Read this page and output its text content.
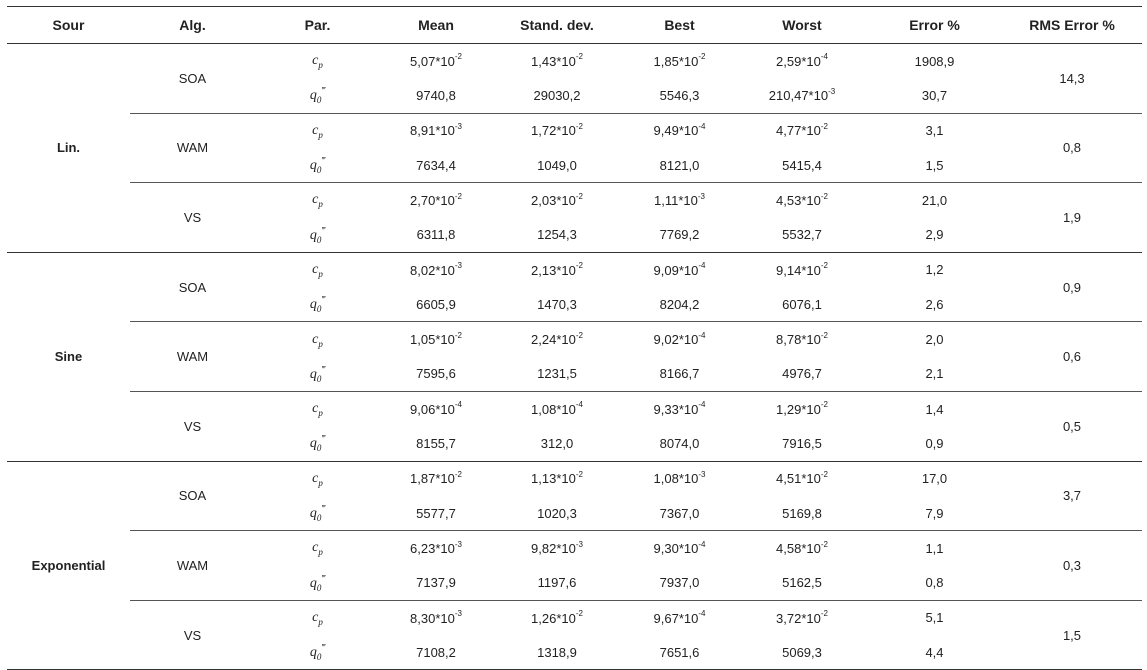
Sour	Alg.	Par.	Mean	Stand. dev.	Best	Worst	Error %	RMS Error %
Lin.	SOA	$c_p$	$5,07*10^{-2}$	$1,43*10^{-2}$	$1,85*10^{-2}$	$2,59*10^{-4}$	1908,9	14,3
		$q_0^‴$	9740,8	29030,2	5546,3	$210,47*10^{-3}$	30,7	
	WAM	$c_p$	$8,91*10^{-3}$	$1,72*10^{-2}$	$9,49*10^{-4}$	$4,77*10^{-2}$	3,1	0,8
		$q_0^‴$	7634,4	1049,0	8121,0	5415,4	1,5	
	VS	$c_p$	$2,70*10^{-2}$	$2,03*10^{-2}$	$1,11*10^{-3}$	$4,53*10^{-2}$	21,0	1,9
		$q_0^‴$	6311,8	1254,3	7769,2	5532,7	2,9	
Sine	SOA	$c_p$	$8,02*10^{-3}$	$2,13*10^{-2}$	$9,09*10^{-4}$	$9,14*10^{-2}$	1,2	0,9
		$q_0^‴$	6605,9	1470,3	8204,2	6076,1	2,6	
	WAM	$c_p$	$1,05*10^{-2}$	$2,24*10^{-2}$	$9,02*10^{-4}$	$8,78*10^{-2}$	2,0	0,6
		$q_0^‴$	7595,6	1231,5	8166,7	4976,7	2,1	
	VS	$c_p$	$9,06*10^{-4}$	$1,08*10^{-4}$	$9,33*10^{-4}$	$1,29*10^{-2}$	1,4	0,5
		$q_0^‴$	8155,7	312,0	8074,0	7916,5	0,9	
Exponential	SOA	$c_p$	$1,87*10^{-2}$	$1,13*10^{-2}$	$1,08*10^{-3}$	$4,51*10^{-2}$	17,0	3,7
		$q_0^‴$	5577,7	1020,3	7367,0	5169,8	7,9	
	WAM	$c_p$	$6,23*10^{-3}$	$9,82*10^{-3}$	$9,30*10^{-4}$	$4,58*10^{-2}$	1,1	0,3
		$q_0^‴$	7137,9	1197,6	7937,0	5162,5	0,8	
	VS	$c_p$	$8,30*10^{-3}$	$1,26*10^{-2}$	$9,67*10^{-4}$	$3,72*10^{-2}$	5,1	1,5
		$q_0^‴$	7108,2	1318,9	7651,6	5069,3	4,4	
